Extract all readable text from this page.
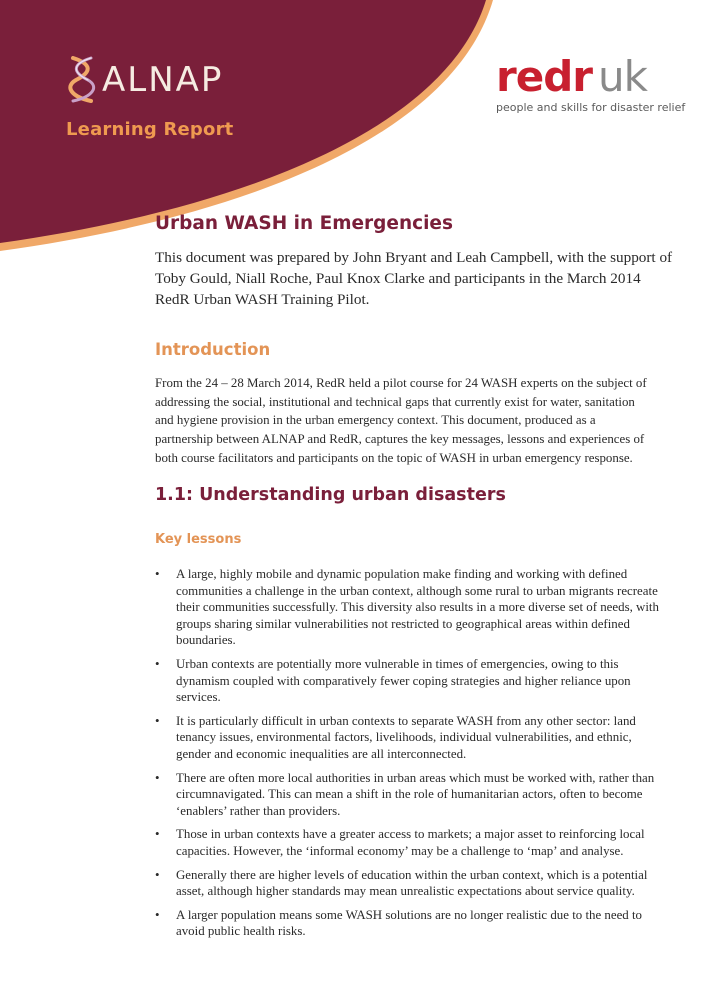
ALNAP
Learning Report
redr uk
people and skills for disaster relief
Urban WASH in Emergencies

This document was prepared by John Bryant and Leah Campbell, with the support of Toby Gould, Niall Roche, Paul Knox Clarke and participants in the March 2014 RedR Urban WASH Training Pilot.

Introduction

From the 24 – 28 March 2014, RedR held a pilot course for 24 WASH experts on the subject of addressing the social, institutional and technical gaps that currently exist for water, sanitation and hygiene provision in the urban emergency context. This document, produced as a partnership between ALNAP and RedR, captures the key messages, lessons and experiences of both course facilitators and participants on the topic of WASH in urban emergency response.

1.1: Understanding urban disasters
Key lessons
• A large, highly mobile and dynamic population make finding and working with defined communities a challenge in the urban context, although some rural to urban migrants recreate their communities successfully. This diversity also results in a more diverse set of needs, with groups sharing similar vulnerabilities not restricted to geographical areas within defined boundaries.
• Urban contexts are potentially more vulnerable in times of emergencies, owing to this dynamism coupled with comparatively fewer coping strategies and higher reliance upon services.
• It is particularly difficult in urban contexts to separate WASH from any other sector: land tenancy issues, environmental factors, livelihoods, individual vulnerabilities, and ethnic, gender and economic inequalities are all interconnected.
• There are often more local authorities in urban areas which must be worked with, rather than circumnavigated. This can mean a shift in the role of humanitarian actors, often to become ‘enablers’ rather than providers.
• Those in urban contexts have a greater access to markets; a major asset to reinforcing local capacities. However, the ‘informal economy’ may be a challenge to ‘map’ and analyse.
• Generally there are higher levels of education within the urban context, which is a potential asset, although higher standards may mean unrealistic expectations about service quality.
• A larger population means some WASH solutions are no longer realistic due to the need to avoid public health risks.
